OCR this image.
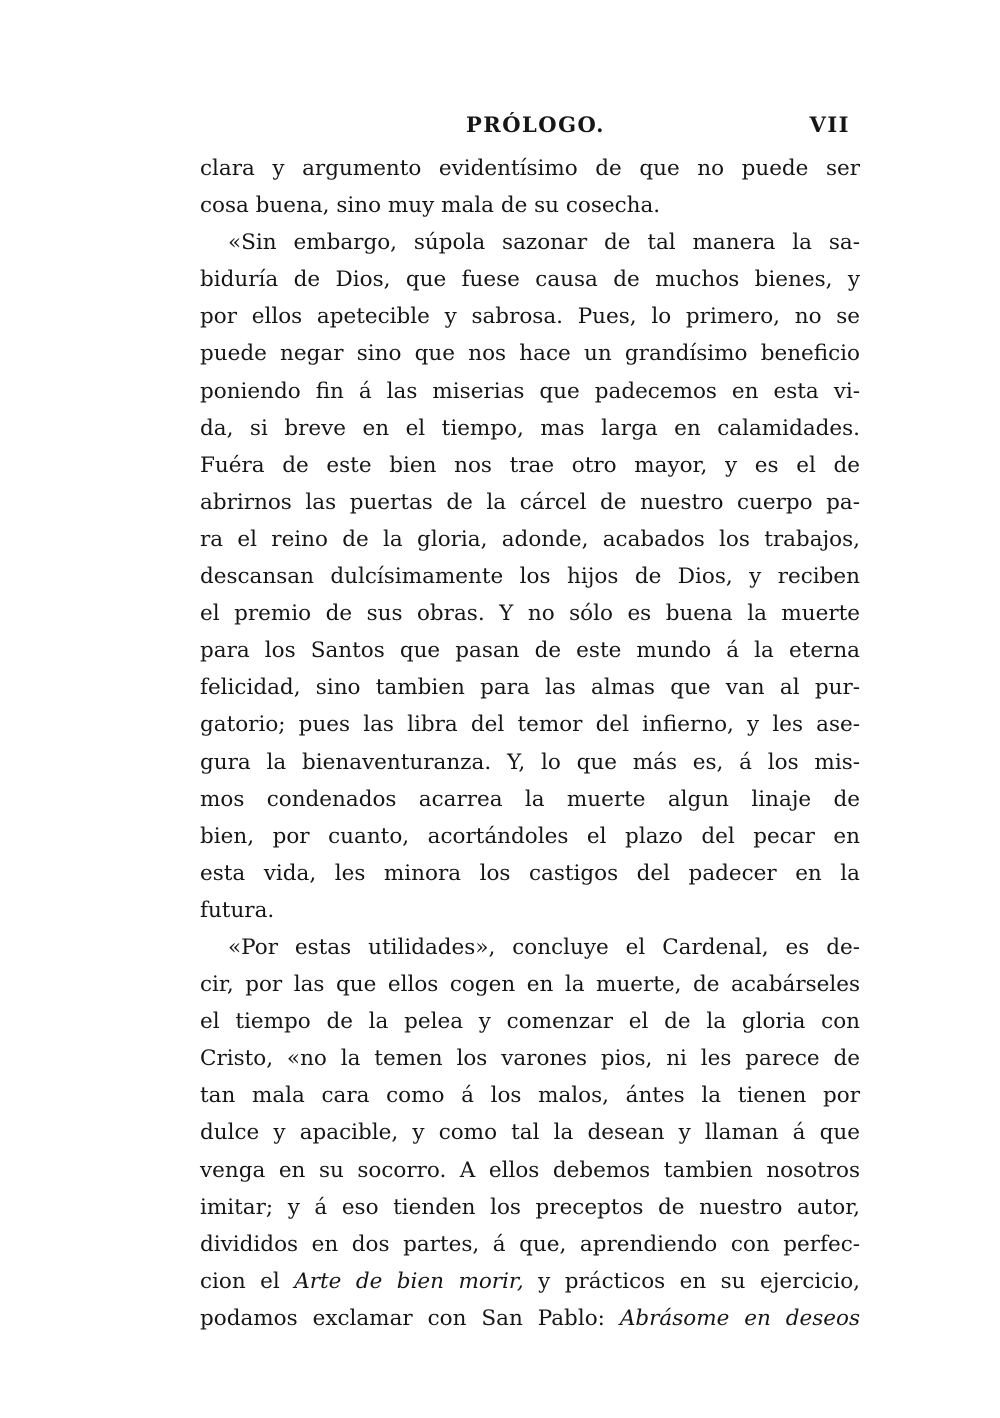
PRÓLOGO.	VII
clara y argumento evidentísimo de que no puede ser
cosa buena, sino muy mala de su cosecha.
«Sin embargo, súpola sazonar de tal manera la sa-
biduría de Dios, que fuese causa de muchos bienes, y
por ellos apetecible y sabrosa. Pues, lo primero, no se
puede negar sino que nos hace un grandísimo beneficio
poniendo fin á las miserias que padecemos en esta vi-
da, si breve en el tiempo, mas larga en calamidades.
Fuéra de este bien nos trae otro mayor, y es el de
abrirnos las puertas de la cárcel de nuestro cuerpo pa-
ra el reino de la gloria, adonde, acabados los trabajos,
descansan dulcísimamente los hijos de Dios, y reciben
el premio de sus obras. Y no sólo es buena la muerte
para los Santos que pasan de este mundo á la eterna
felicidad, sino tambien para las almas que van al pur-
gatorio; pues las libra del temor del infierno, y les ase-
gura la bienaventuranza. Y, lo que más es, á los mis-
mos condenados acarrea la muerte algun linaje de
bien, por cuanto, acortándoles el plazo del pecar en
esta vida, les minora los castigos del padecer en la
futura.
«Por estas utilidades», concluye el Cardenal, es de-
cir, por las que ellos cogen en la muerte, de acabárseles
el tiempo de la pelea y comenzar el de la gloria con
Cristo, «no la temen los varones pios, ni les parece de
tan mala cara como á los malos, ántes la tienen por
dulce y apacible, y como tal la desean y llaman á que
venga en su socorro. A ellos debemos tambien nosotros
imitar; y á eso tienden los preceptos de nuestro autor,
divididos en dos partes, á que, aprendiendo con perfec-
cion el Arte de bien morir, y prácticos en su ejercicio,
podamos exclamar con San Pablo: Abrásome en deseos
